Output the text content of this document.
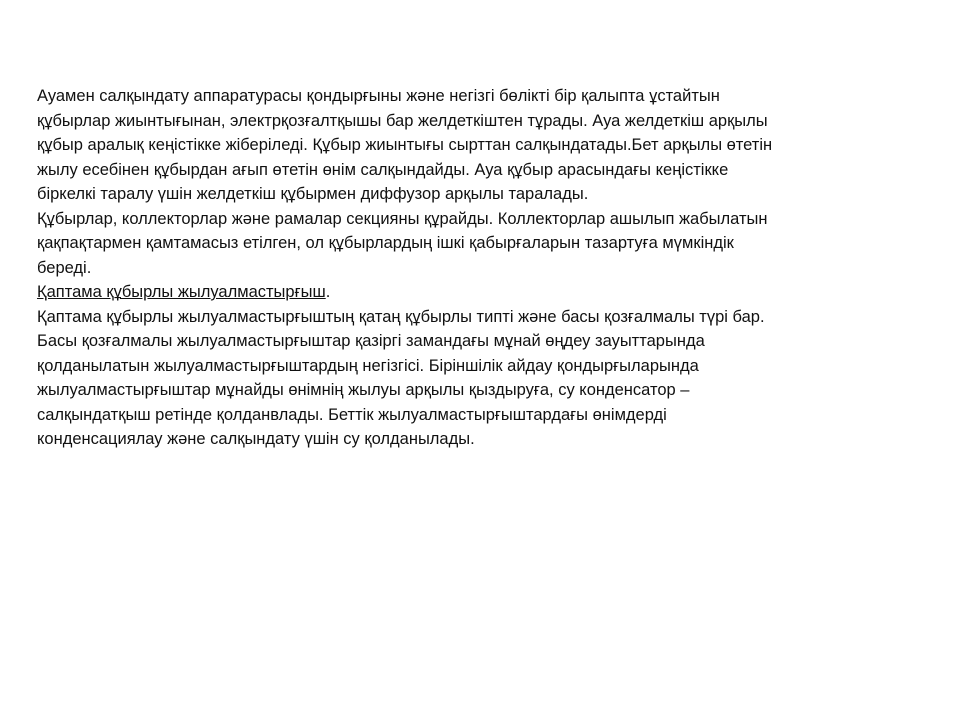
Ауамен салқындату аппаратурасы қондырғыны және негізгі бөлікті бір қалыпта ұстайтын
құбырлар жиынтығынан, электрқозғалтқышы бар желдеткіштен тұрады. Ауа желдеткіш арқылы
құбыр аралық кеңістікке жіберіледі. Құбыр жиынтығы сырттан салқындатады.Бет арқылы өтетін
жылу есебінен құбырдан ағып өтетін өнім салқындайды. Ауа құбыр арасындағы кеңістікке
біркелкі таралу үшін желдеткіш құбырмен диффузор арқылы таралады.

Құбырлар, коллекторлар және рамалар секцияны құрайды. Коллекторлар ашылып жабылатын
қақпақтармен қамтамасыз етілген, ол құбырлардың ішкі қабырғаларын тазартуға мүмкіндік
береді.

Қаптама құбырлы жылуалмастырғыш.

Қаптама құбырлы жылуалмастырғыштың қатаң құбырлы типті және басы қозғалмалы түрі бар.
Басы қозғалмалы жылуалмастырғыштар қазіргі замандағы мұнай өңдеу зауыттарында
қолданылатын жылуалмастырғыштардың негізгісі. Біріншілік айдау қондырғыларында
жылуалмастырғыштар мұнайды өнімнің жылуы арқылы қыздыруға, су конденсатор –
салқындатқыш ретінде қолданвлады. Беттік жылуалмастырғыштардағы өнімдерді
конденсациялау және салқындату үшін су қолданылады.
